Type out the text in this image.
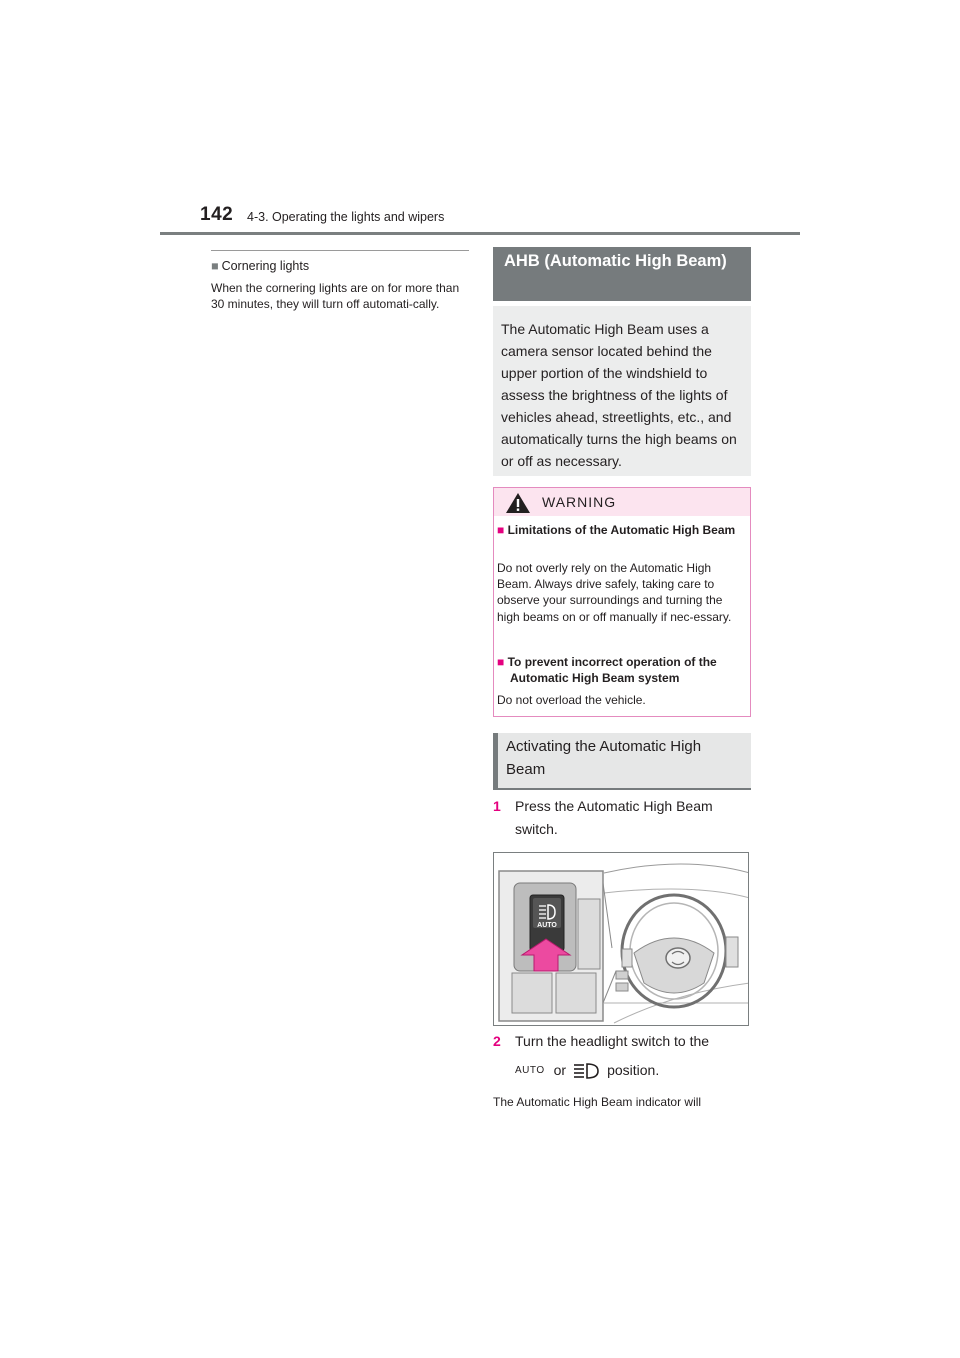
142 4-3. Operating the lights and wipers
■ Cornering lights
When the cornering lights are on for more than 30 minutes, they will turn off automati-cally.
AHB (Automatic High Beam)
The Automatic High Beam uses a camera sensor located behind the upper portion of the windshield to assess the brightness of the lights of vehicles ahead, streetlights, etc., and automatically turns the high beams on or off as necessary.
WARNING
■ Limitations of the Automatic High Beam
Do not overly rely on the Automatic High Beam. Always drive safely, taking care to observe your surroundings and turning the high beams on or off manually if nec-essary.
■ To prevent incorrect operation of the Automatic High Beam system
Do not overload the vehicle.
Activating the Automatic High Beam
1 Press the Automatic High Beam switch.
AUTO
2 Turn the headlight switch to the
AUTO or	position.
The Automatic High Beam indicator will
